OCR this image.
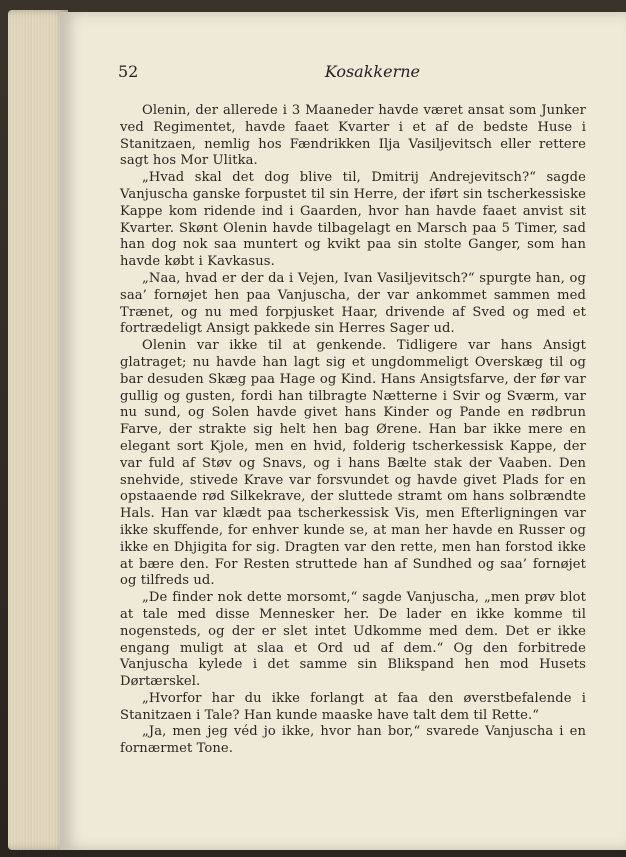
52	Kosakkerne

Olenin, der allerede i 3 Maaneder havde været ansat som Junker ved Regimentet, havde faaet Kvarter i et af de bedste Huse i Stanitzaen, nemlig hos Fændrikken Ilja Vasiljevitsch eller rettere sagt hos Mor Ulitka.

„Hvad skal det dog blive til, Dmitrij Andrejevitsch?“ sagde Vanjuscha ganske forpustet til sin Herre, der iført sin tscherkessiske Kappe kom ridende ind i Gaarden, hvor han havde faaet anvist sit Kvarter. Skønt Olenin havde tilbagelagt en Marsch paa 5 Timer, sad han dog nok saa muntert og kvikt paa sin stolte Ganger, som han havde købt i Kavkasus.

„Naa, hvad er der da i Vejen, Ivan Vasiljevitsch?“ spurgte han, og saa’ fornøjet hen paa Vanjuscha, der var ankommet sammen med Trænet, og nu med forpjusket Haar, drivende af Sved og med et fortrædeligt Ansigt pakkede sin Herres Sager ud.

Olenin var ikke til at genkende. Tidligere var hans Ansigt glatraget; nu havde han lagt sig et ungdommeligt Overskæg til og bar desuden Skæg paa Hage og Kind. Hans Ansigtsfarve, der før var gullig og gusten, fordi han tilbragte Nætterne i Svir og Sværm, var nu sund, og Solen havde givet hans Kinder og Pande en rødbrun Farve, der strakte sig helt hen bag Ørene. Han bar ikke mere en elegant sort Kjole, men en hvid, folderig tscherkessisk Kappe, der var fuld af Støv og Snavs, og i hans Bælte stak der Vaaben. Den snehvide, stivede Krave var forsvundet og havde givet Plads for en opstaaende rød Silkekrave, der sluttede stramt om hans solbrændte Hals. Han var klædt paa tscherkessisk Vis, men Efterligningen var ikke skuffende, for enhver kunde se, at man her havde en Russer og ikke en Dhjigita for sig. Dragten var den rette, men han forstod ikke at bære den. For Resten struttede han af Sundhed og saa’ fornøjet og tilfreds ud.

„De finder nok dette morsomt,“ sagde Vanjuscha, „men prøv blot at tale med disse Mennesker her. De lader en ikke komme til nogensteds, og der er slet intet Udkomme med dem. Det er ikke engang muligt at slaa et Ord ud af dem.“ Og den forbitrede Vanjuscha kylede i det samme sin Blikspand hen mod Husets Dørtærskel.

„Hvorfor har du ikke forlangt at faa den øverstbefalende i Stanitzaen i Tale? Han kunde maaske have talt dem til Rette.“

„Ja, men jeg véd jo ikke, hvor han bor,“ svarede Vanjuscha i en fornærmet Tone.
